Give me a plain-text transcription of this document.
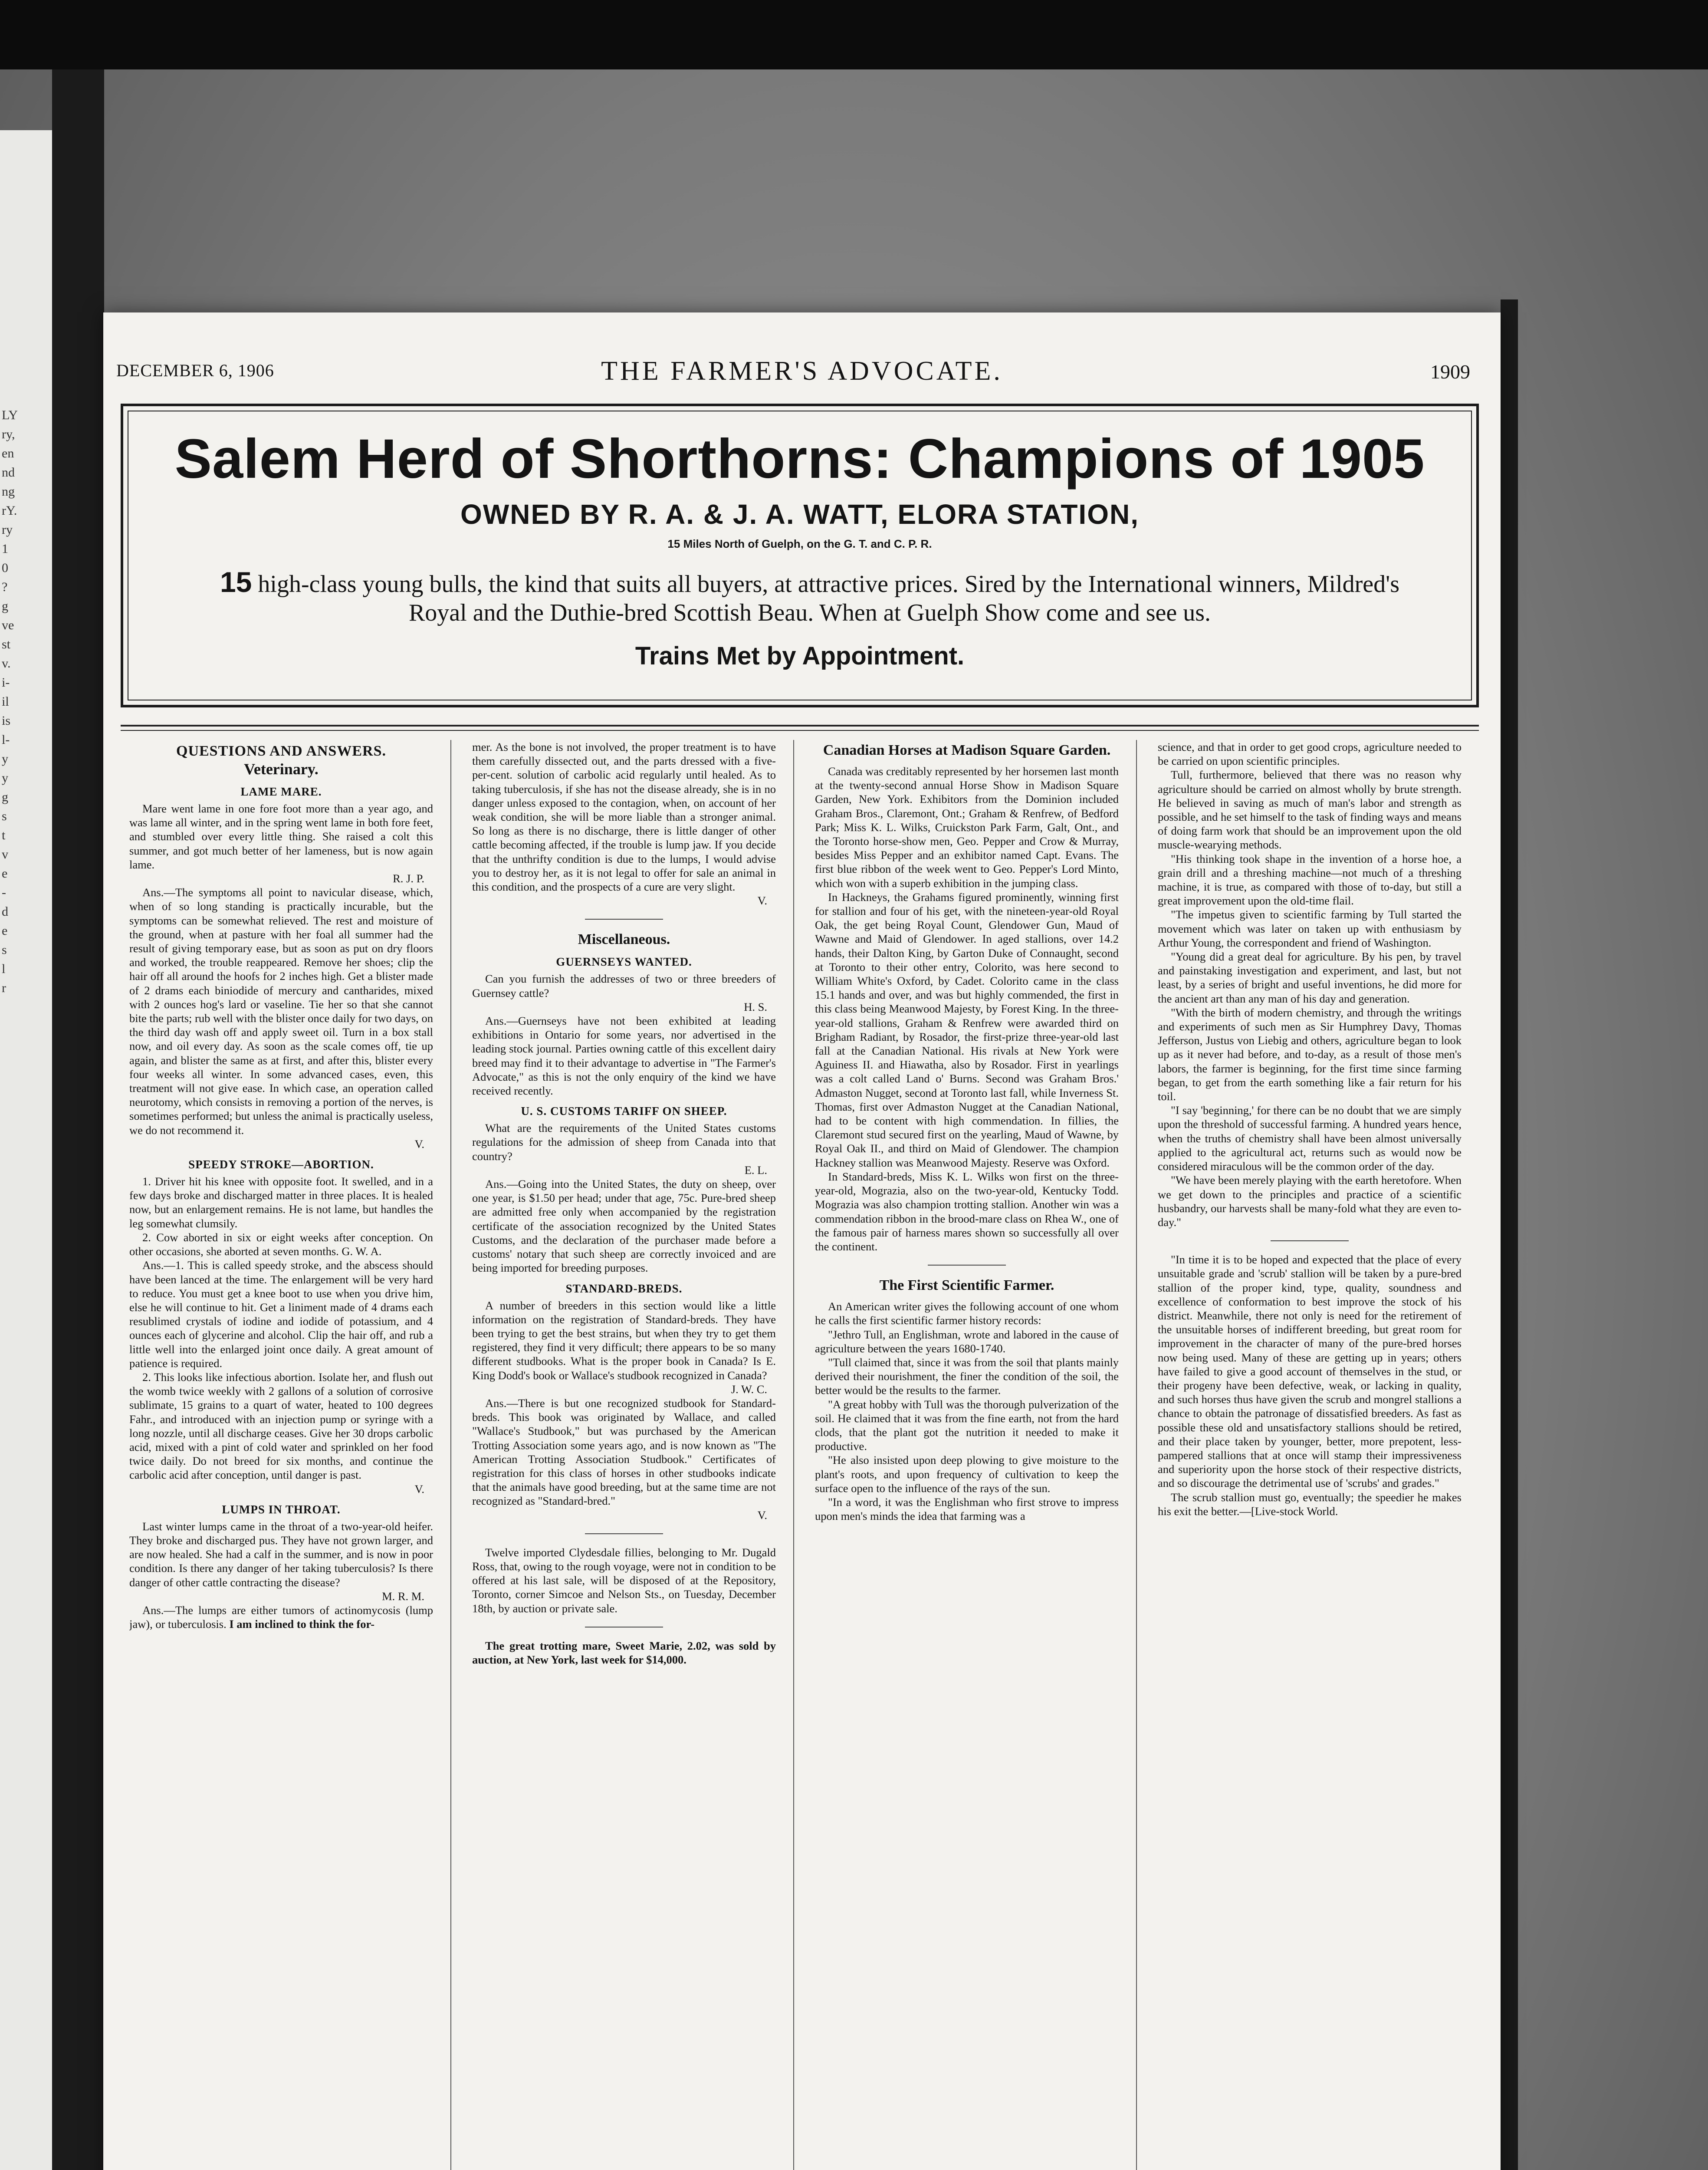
LY
ry,
en
nd
ng
rY.
ry
1
0
?
g
ve
st
v.
i-
il
is
l-
y
y
g
s
t
v
e
-
d
e
s
l
r
DECEMBER 6, 1906	THE FARMER'S ADVOCATE.	1909
Salem Herd of Shorthorns: Champions of 1905
OWNED BY R. A. & J. A. WATT, ELORA STATION,
15 Miles North of Guelph, on the G. T. and C. P. R.
15 high-class young bulls, the kind that suits all buyers, at attractive prices. Sired by the International winners, Mildred's Royal and the Duthie-bred Scottish Beau. When at Guelph Show come and see us.
Trains Met by Appointment.
QUESTIONS AND ANSWERS.
Veterinary.
LAME MARE.

Mare went lame in one fore foot more than a year ago, and was lame all winter, and in the spring went lame in both fore feet, and stumbled over every little thing. She raised a colt this summer, and got much better of her lameness, but is now again lame.

R. J. P.

Ans.—The symptoms all point to navicular disease, which, when of so long standing is practically incurable, but the symptoms can be somewhat relieved. The rest and moisture of the ground, when at pasture with her foal all summer had the result of giving temporary ease, but as soon as put on dry floors and worked, the trouble reappeared. Remove her shoes; clip the hair off all around the hoofs for 2 inches high. Get a blister made of 2 drams each biniodide of mercury and cantharides, mixed with 2 ounces hog's lard or vaseline. Tie her so that she cannot bite the parts; rub well with the blister once daily for two days, on the third day wash off and apply sweet oil. Turn in a box stall now, and oil every day. As soon as the scale comes off, tie up again, and blister the same as at first, and after this, blister every four weeks all winter. In some advanced cases, even, this treatment will not give ease. In which case, an operation called neurotomy, which consists in removing a portion of the nerves, is sometimes performed; but unless the animal is practically useless, we do not recommend it.

V.

SPEEDY STROKE—ABORTION.

1. Driver hit his knee with opposite foot. It swelled, and in a few days broke and discharged matter in three places. It is healed now, but an enlargement remains. He is not lame, but handles the leg somewhat clumsily.

2. Cow aborted in six or eight weeks after conception. On other occasions, she aborted at seven months. G. W. A.

Ans.—1. This is called speedy stroke, and the abscess should have been lanced at the time. The enlargement will be very hard to reduce. You must get a knee boot to use when you drive him, else he will continue to hit. Get a liniment made of 4 drams each resublimed crystals of iodine and iodide of potassium, and 4 ounces each of glycerine and alcohol. Clip the hair off, and rub a little well into the enlarged joint once daily. A great amount of patience is required.

2. This looks like infectious abortion. Isolate her, and flush out the womb twice weekly with 2 gallons of a solution of corrosive sublimate, 15 grains to a quart of water, heated to 100 degrees Fahr., and introduced with an injection pump or syringe with a long nozzle, until all discharge ceases. Give her 30 drops carbolic acid, mixed with a pint of cold water and sprinkled on her food twice daily. Do not breed for six months, and continue the carbolic acid after conception, until danger is past.

V.

LUMPS IN THROAT.

Last winter lumps came in the throat of a two-year-old heifer. They broke and discharged pus. They have not grown larger, and are now healed. She had a calf in the summer, and is now in poor condition. Is there any danger of her taking tuberculosis? Is there danger of other cattle contracting the disease?

M. R. M.

Ans.—The lumps are either tumors of actinomycosis (lump jaw), or tuberculosis. I am inclined to think the for-

mer. As the bone is not involved, the proper treatment is to have them carefully dissected out, and the parts dressed with a five-per-cent. solution of carbolic acid regularly until healed. As to taking tuberculosis, if she has not the disease already, she is in no danger unless exposed to the contagion, when, on account of her weak condition, she will be more liable than a stronger animal. So long as there is no discharge, there is little danger of other cattle becoming affected, if the trouble is lump jaw. If you decide that the unthrifty condition is due to the lumps, I would advise you to destroy her, as it is not legal to offer for sale an animal in this condition, and the prospects of a cure are very slight.

V.

Miscellaneous.
GUERNSEYS WANTED.

Can you furnish the addresses of two or three breeders of Guernsey cattle?

H. S.

Ans.—Guernseys have not been exhibited at leading exhibitions in Ontario for some years, nor advertised in the leading stock journal. Parties owning cattle of this excellent dairy breed may find it to their advantage to advertise in "The Farmer's Advocate," as this is not the only enquiry of the kind we have received recently.

U. S. CUSTOMS TARIFF ON SHEEP.

What are the requirements of the United States customs regulations for the admission of sheep from Canada into that country?

E. L.

Ans.—Going into the United States, the duty on sheep, over one year, is $1.50 per head; under that age, 75c. Pure-bred sheep are admitted free only when accompanied by the registration certificate of the association recognized by the United States Customs, and the declaration of the purchaser made before a customs' notary that such sheep are correctly invoiced and are being imported for breeding purposes.

STANDARD-BREDS.

A number of breeders in this section would like a little information on the registration of Standard-breds. They have been trying to get the best strains, but when they try to get them registered, they find it very difficult; there appears to be so many different studbooks. What is the proper book in Canada? Is E. King Dodd's book or Wallace's studbook recognized in Canada?

J. W. C.

Ans.—There is but one recognized studbook for Standard-breds. This book was originated by Wallace, and called "Wallace's Studbook," but was purchased by the American Trotting Association some years ago, and is now known as "The American Trotting Association Studbook." Certificates of registration for this class of horses in other studbooks indicate that the animals have good breeding, but at the same time are not recognized as "Standard-bred."

V.

Twelve imported Clydesdale fillies, belonging to Mr. Dugald Ross, that, owing to the rough voyage, were not in condition to be offered at his last sale, will be disposed of at the Repository, Toronto, corner Simcoe and Nelson Sts., on Tuesday, December 18th, by auction or private sale.

The great trotting mare, Sweet Marie, 2.02, was sold by auction, at New York, last week for $14,000.

Canadian Horses at Madison Square Garden.

Canada was creditably represented by her horsemen last month at the twenty-second annual Horse Show in Madison Square Garden, New York. Exhibitors from the Dominion included Graham Bros., Claremont, Ont.; Graham & Renfrew, of Bedford Park; Miss K. L. Wilks, Cruickston Park Farm, Galt, Ont., and the Toronto horse-show men, Geo. Pepper and Crow & Murray, besides Miss Pepper and an exhibitor named Capt. Evans. The first blue ribbon of the week went to Geo. Pepper's Lord Minto, which won with a superb exhibition in the jumping class.

In Hackneys, the Grahams figured prominently, winning first for stallion and four of his get, with the nineteen-year-old Royal Oak, the get being Royal Count, Glendower Gun, Maud of Wawne and Maid of Glendower. In aged stallions, over 14.2 hands, their Dalton King, by Garton Duke of Connaught, second at Toronto to their other entry, Colorito, was here second to William White's Oxford, by Cadet. Colorito came in the class 15.1 hands and over, and was but highly commended, the first in this class being Meanwood Majesty, by Forest King. In the three-year-old stallions, Graham & Renfrew were awarded third on Brigham Radiant, by Rosador, the first-prize three-year-old last fall at the Canadian National. His rivals at New York were Aguiness II. and Hiawatha, also by Rosador. First in yearlings was a colt called Land o' Burns. Second was Graham Bros.' Admaston Nugget, second at Toronto last fall, while Inverness St. Thomas, first over Admaston Nugget at the Canadian National, had to be content with high commendation. In fillies, the Claremont stud secured first on the yearling, Maud of Wawne, by Royal Oak II., and third on Maid of Glendower. The champion Hackney stallion was Meanwood Majesty. Reserve was Oxford.

In Standard-breds, Miss K. L. Wilks won first on the three-year-old, Mograzia, also on the two-year-old, Kentucky Todd. Mograzia was also champion trotting stallion. Another win was a commendation ribbon in the brood-mare class on Rhea W., one of the famous pair of harness mares shown so successfully all over the continent.

The First Scientific Farmer.

An American writer gives the following account of one whom he calls the first scientific farmer history records:

"Jethro Tull, an Englishman, wrote and labored in the cause of agriculture between the years 1680-1740.

"Tull claimed that, since it was from the soil that plants mainly derived their nourishment, the finer the condition of the soil, the better would be the results to the farmer.

"A great hobby with Tull was the thorough pulverization of the soil. He claimed that it was from the fine earth, not from the hard clods, that the plant got the nutrition it needed to make it productive.

"He also insisted upon deep plowing to give moisture to the plant's roots, and upon frequency of cultivation to keep the surface open to the influence of the rays of the sun.

"In a word, it was the Englishman who first strove to impress upon men's minds the idea that farming was a

science, and that in order to get good crops, agriculture needed to be carried on upon scientific principles.

Tull, furthermore, believed that there was no reason why agriculture should be carried on almost wholly by brute strength. He believed in saving as much of man's labor and strength as possible, and he set himself to the task of finding ways and means of doing farm work that should be an improvement upon the old muscle-wearying methods.

"His thinking took shape in the invention of a horse hoe, a grain drill and a threshing machine—not much of a threshing machine, it is true, as compared with those of to-day, but still a great improvement upon the old-time flail.

"The impetus given to scientific farming by Tull started the movement which was later on taken up with enthusiasm by Arthur Young, the correspondent and friend of Washington.

"Young did a great deal for agriculture. By his pen, by travel and painstaking investigation and experiment, and last, but not least, by a series of bright and useful inventions, he did more for the ancient art than any man of his day and generation.

"With the birth of modern chemistry, and through the writings and experiments of such men as Sir Humphrey Davy, Thomas Jefferson, Justus von Liebig and others, agriculture began to look up as it never had before, and to-day, as a result of those men's labors, the farmer is beginning, for the first time since farming began, to get from the earth something like a fair return for his toil.

"I say 'beginning,' for there can be no doubt that we are simply upon the threshold of successful farming. A hundred years hence, when the truths of chemistry shall have been almost universally applied to the agricultural act, returns such as would now be considered miraculous will be the common order of the day.

"We have been merely playing with the earth heretofore. When we get down to the principles and practice of a scientific husbandry, our harvests shall be many-fold what they are even to-day."

"In time it is to be hoped and expected that the place of every unsuitable grade and 'scrub' stallion will be taken by a pure-bred stallion of the proper kind, type, quality, soundness and excellence of conformation to best improve the stock of his district. Meanwhile, there not only is need for the retirement of the unsuitable horses of indifferent breeding, but great room for improvement in the character of many of the pure-bred horses now being used. Many of these are getting up in years; others have failed to give a good account of themselves in the stud, or their progeny have been defective, weak, or lacking in quality, and such horses thus have given the scrub and mongrel stallions a chance to obtain the patronage of dissatisfied breeders. As fast as possible these old and unsatisfactory stallions should be retired, and their place taken by younger, better, more prepotent, less-pampered stallions that at once will stamp their impressiveness and superiority upon the horse stock of their respective districts, and so discourage the detrimental use of 'scrubs' and grades."

The scrub stallion must go, eventually; the speedier he makes his exit the better.—[Live-stock World.
